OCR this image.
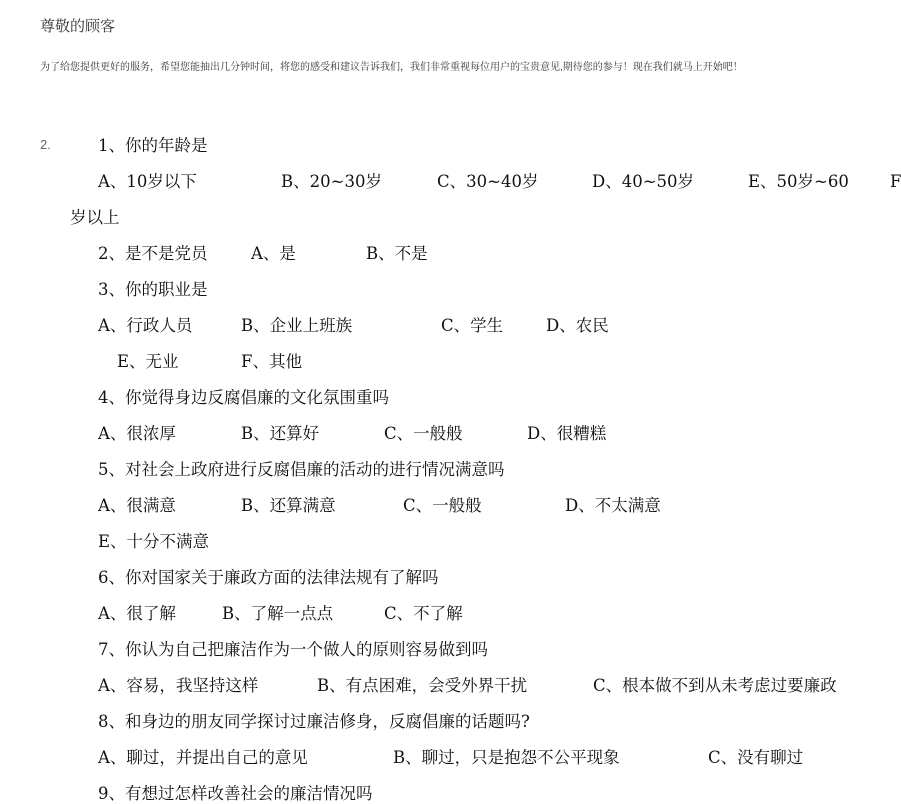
尊敬的顾客
为了给您提供更好的服务，希望您能抽出几分钟时间，将您的感受和建议告诉我们，我们非常重视每位用户的宝贵意见,期待您的参与！现在我们就马上开始吧！
2.	1、你的年龄是
A、10岁以下	B、20~30岁	C、30~40岁	D、40~50岁	E、50岁~60 F
岁以上
2、是不是党员	A、是	B、不是
3、你的职业是
A、行政人员	B、企业上班族	C、学生	D、农民
E、无业	F、其他
4、你觉得身边反腐倡廉的文化氛围重吗
A、很浓厚	B、还算好	C、一般般	D、很糟糕
5、对社会上政府进行反腐倡廉的活动的进行情况满意吗
A、很满意	B、还算满意	C、一般般	D、不太满意
E、十分不满意
6、你对国家关于廉政方面的法律法规有了解吗
A、很了解	B、了解一点点	C、不了解
7、你认为自己把廉洁作为一个做人的原则容易做到吗
A、容易，我坚持这样	B、有点困难，会受外界干扰	C、根本做不到从未考虑过要廉政
8、和身边的朋友同学探讨过廉洁修身，反腐倡廉的话题吗?
A、聊过，并提出自己的意见	B、聊过，只是抱怨不公平现象	C、没有聊过
9、有想过怎样改善社会的廉洁情况吗
